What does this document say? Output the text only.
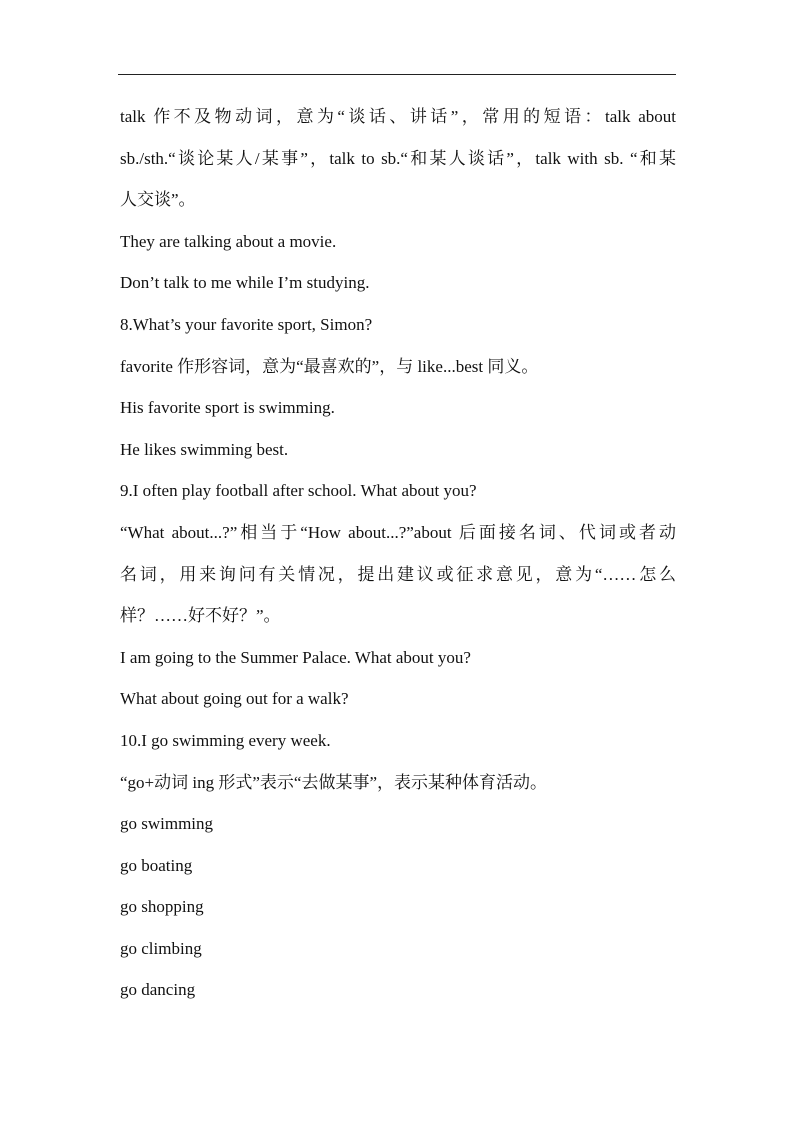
talk 作不及物动词，意为“谈话、讲话”，常用的短语：talk about

sb./sth.“谈论某人/某事”，talk to sb.“和某人谈话”，talk with sb. “和某

人交谈”。

They are talking about a movie.

Don’t talk to me while I’m studying.

8.What’s your favorite sport, Simon?

favorite 作形容词，意为“最喜欢的”，与 like...best 同义。

His favorite sport is swimming.

He likes swimming best.

9.I often play football after school. What about you?

“What about...?”相当于“How about...?”about 后面接名词、代词或者动

名词，用来询问有关情况，提出建议或征求意见，意为“……怎么

样？……好不好？”。

I am going to the Summer Palace. What about you?

What about going out for a walk?

10.I go swimming every week.

“go+动词 ing 形式”表示“去做某事”，表示某种体育活动。

go swimming

go boating

go shopping

go climbing

go dancing
